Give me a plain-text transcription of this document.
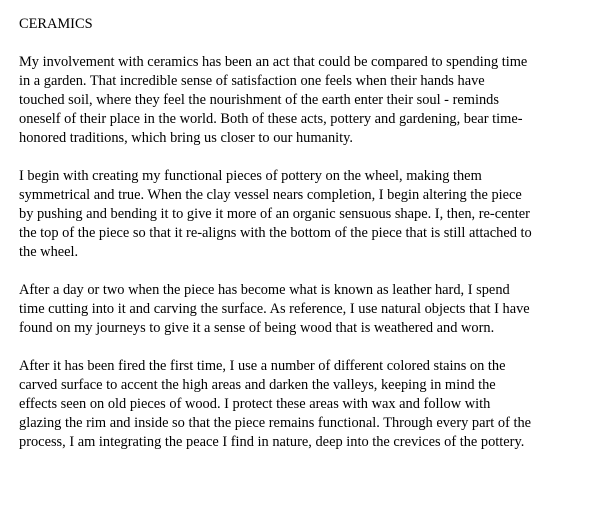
CERAMICS
My involvement with ceramics has been an act that could be compared to spending time
in a garden. That incredible sense of satisfaction one feels when their hands have
touched soil, where they feel the nourishment of the earth enter their soul - reminds
oneself of their place in the world. Both of these acts, pottery and gardening, bear time-
honored traditions, which bring us closer to our humanity.
I begin with creating my functional pieces of pottery on the wheel, making them
symmetrical and true. When the clay vessel nears completion, I begin altering the piece
by pushing and bending it to give it more of an organic sensuous shape. I, then, re-center
the top of the piece so that it re-aligns with the bottom of the piece that is still attached to
the wheel.
After a day or two when the piece has become what is known as leather hard, I spend
time cutting into it and carving the surface. As reference, I use natural objects that I have
found on my journeys to give it a sense of being wood that is weathered and worn.
After it has been fired the first time, I use a number of different colored stains on the
carved surface to accent the high areas and darken the valleys, keeping in mind the
effects seen on old pieces of wood. I protect these areas with wax and follow with
glazing the rim and inside so that the piece remains functional. Through every part of the
process, I am integrating the peace I find in nature, deep into the crevices of the pottery.
